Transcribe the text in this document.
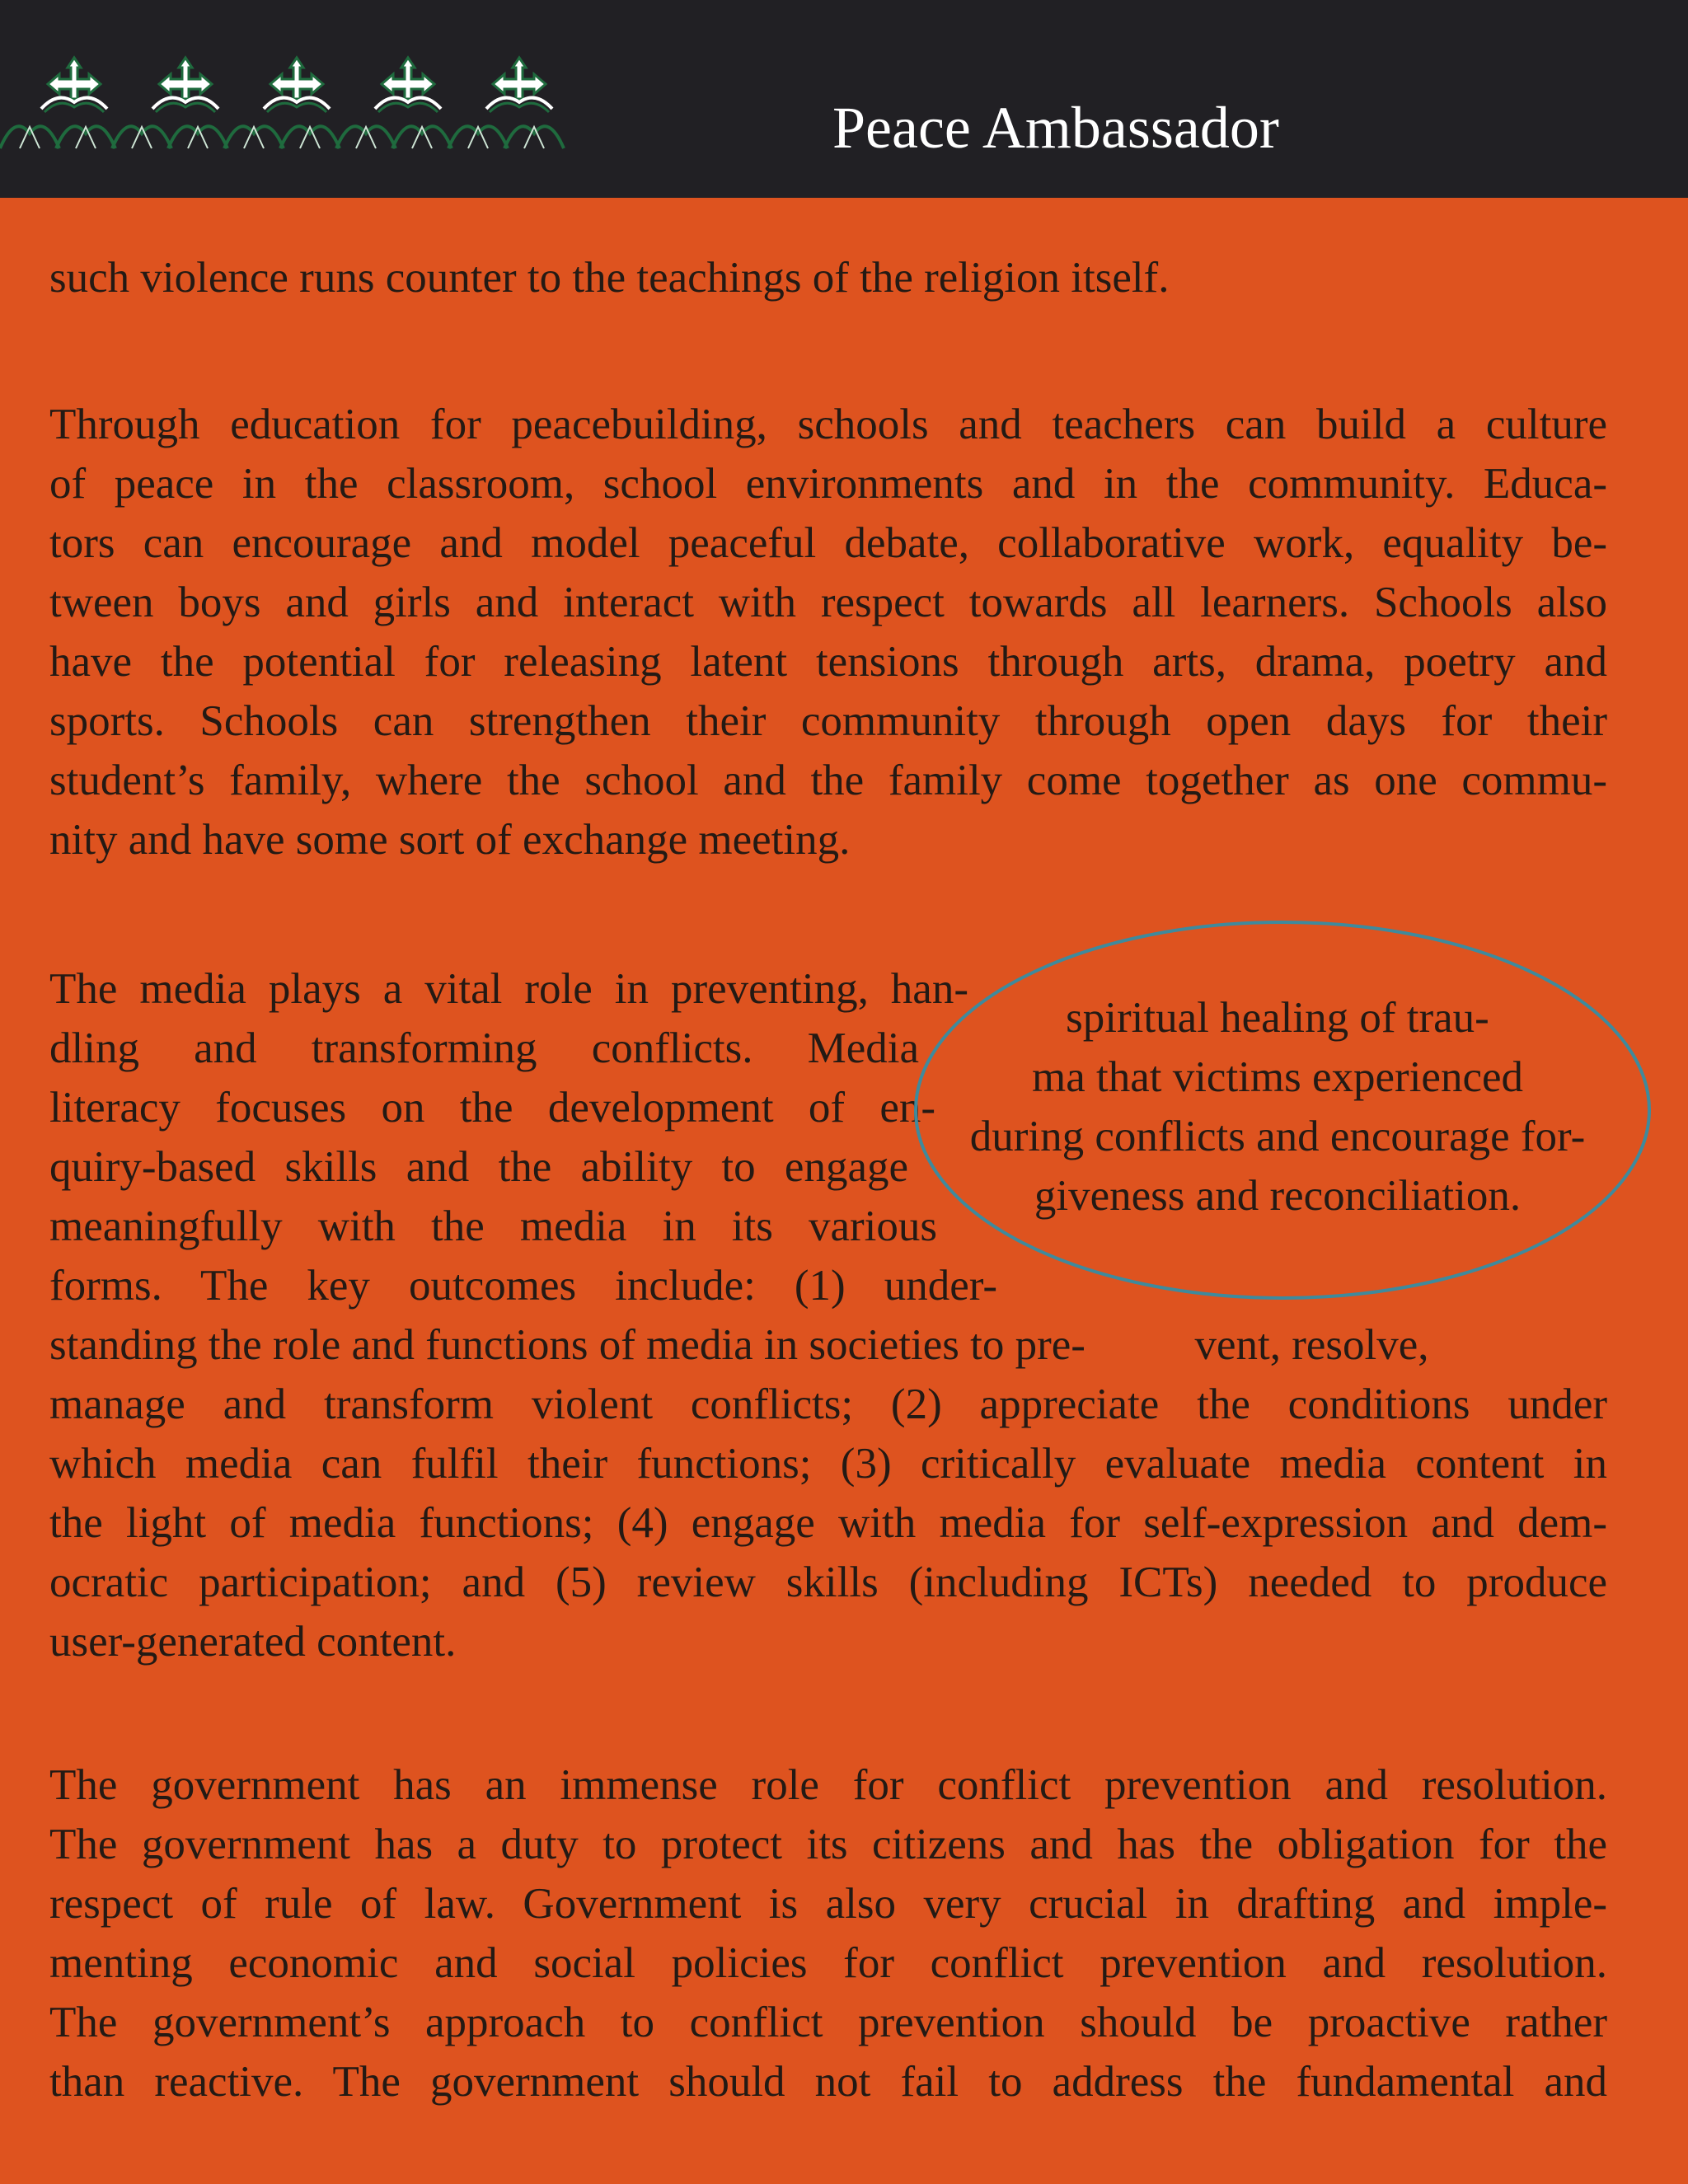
Peace Ambassador
such violence runs counter to the teachings of the religion itself.
Through education for peacebuilding, schools and teachers can build a culture
of peace in the classroom, school environments and in the community. Educa-
tors can encourage and model peaceful debate, collaborative work, equality be-
tween boys and girls and interact with respect towards all learners. Schools also
have the potential for releasing latent tensions through arts, drama, poetry and
sports. Schools can strengthen their community through open days for their
student’s family, where the school and the family come together as one commu-
nity and have some sort of exchange meeting.
The media plays a vital role in preventing, han-
dling and transforming conflicts. Media
literacy focuses on the development of en-
quiry-based skills and the ability to engage
meaningfully with the media in its various
forms. The key outcomes include: (1) under-
standing the role and functions of media in societies to pre-          vent, resolve,
manage and transform violent conflicts; (2) appreciate the conditions under
which media can fulfil their functions; (3) critically evaluate media content in
the light of media functions; (4) engage with media for self-expression and dem-
ocratic participation; and (5) review skills (including ICTs) needed to produce
user-generated content.
spiritual healing of trau-
ma that victims experienced
during conflicts and encourage for-
giveness and reconciliation.
The government has an immense role for conflict prevention and resolution.
The government has a duty to protect its citizens and has the obligation for the
respect of rule of law. Government is also very crucial in drafting and imple-
menting economic and social policies for conflict prevention and resolution.
The government’s approach to conflict prevention should be proactive rather
than reactive. The government should not fail to address the fundamental and
